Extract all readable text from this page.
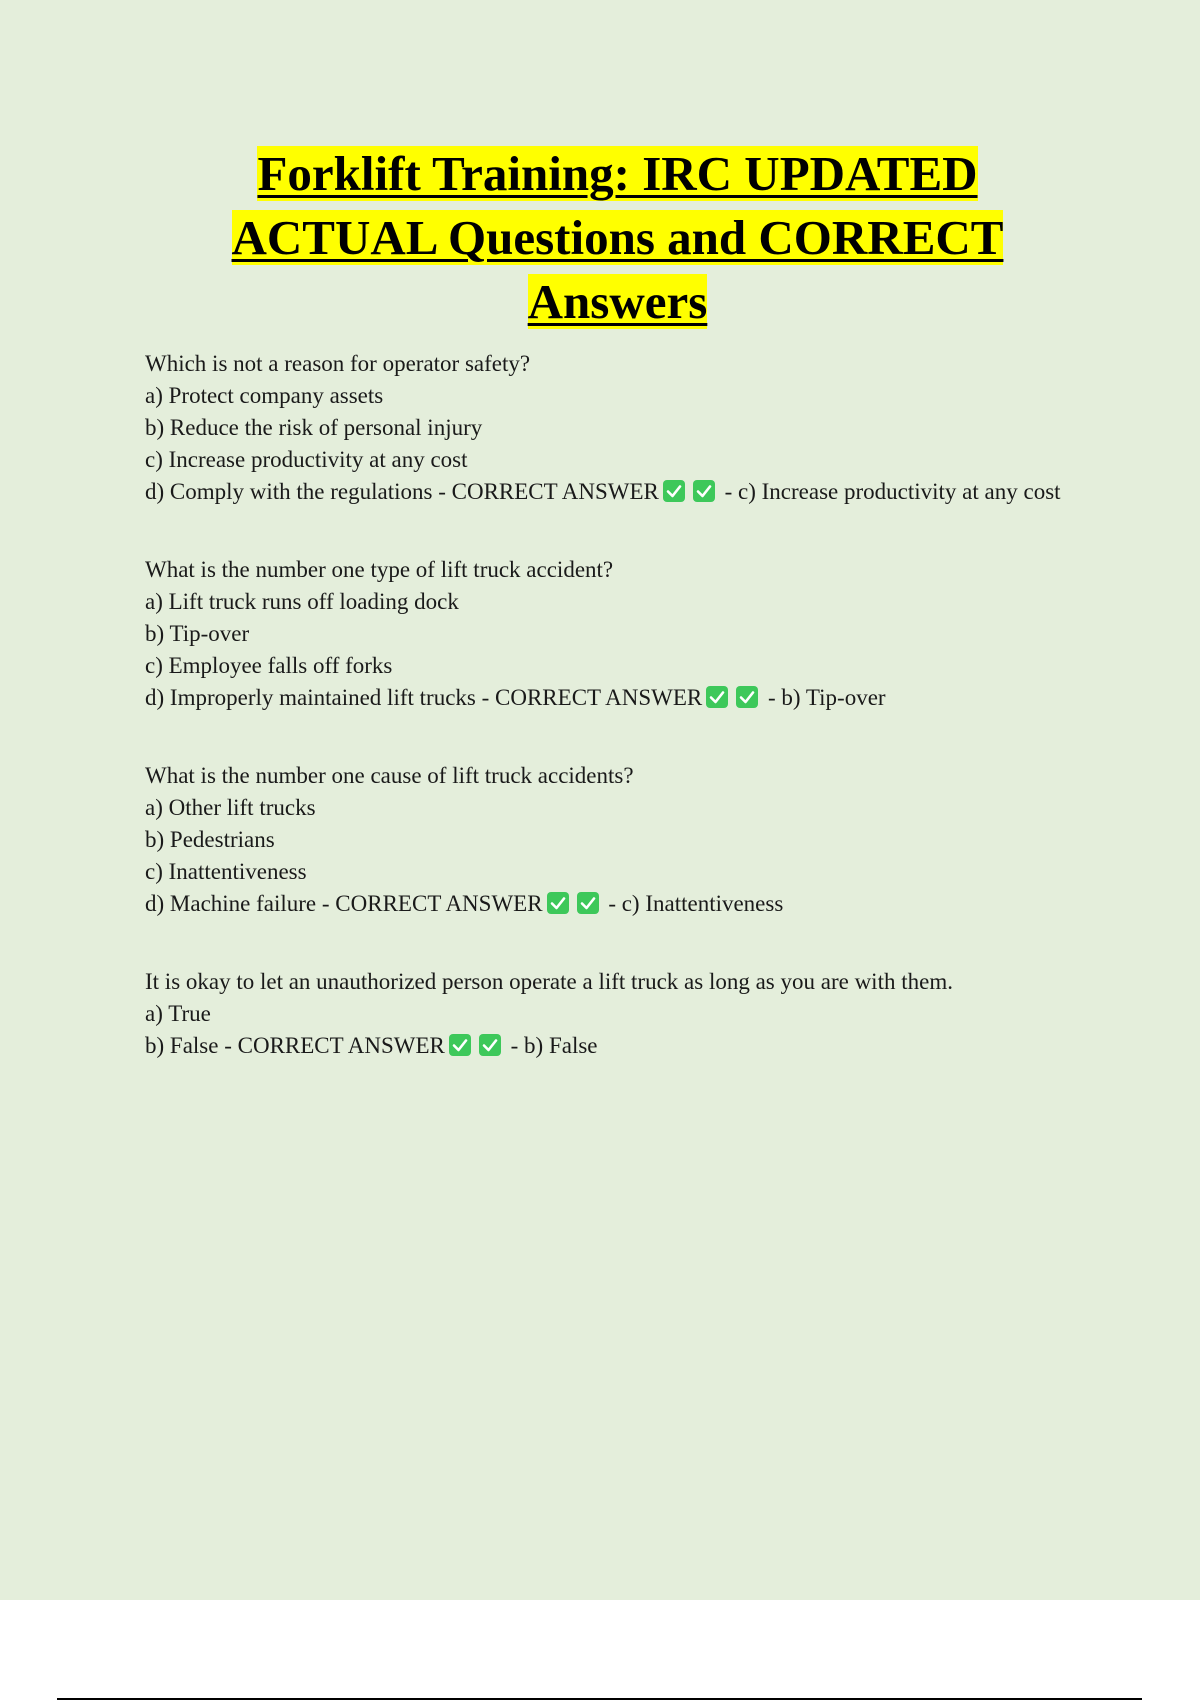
Forklift Training: IRC UPDATED ACTUAL Questions and CORRECT Answers

Which is not a reason for operator safety?

a) Protect company assets

b) Reduce the risk of personal injury

c) Increase productivity at any cost

d) Comply with the regulations - CORRECT ANSWER	- c) Increase productivity at any cost

What is the number one type of lift truck accident?

a) Lift truck runs off loading dock

b) Tip-over

c) Employee falls off forks

d) Improperly maintained lift trucks - CORRECT ANSWER	- b) Tip-over

What is the number one cause of lift truck accidents?

a) Other lift trucks

b) Pedestrians

c) Inattentiveness

d) Machine failure - CORRECT ANSWER	- c) Inattentiveness

It is okay to let an unauthorized person operate a lift truck as long as you are with them.

a) True

b) False - CORRECT ANSWER	- b) False
